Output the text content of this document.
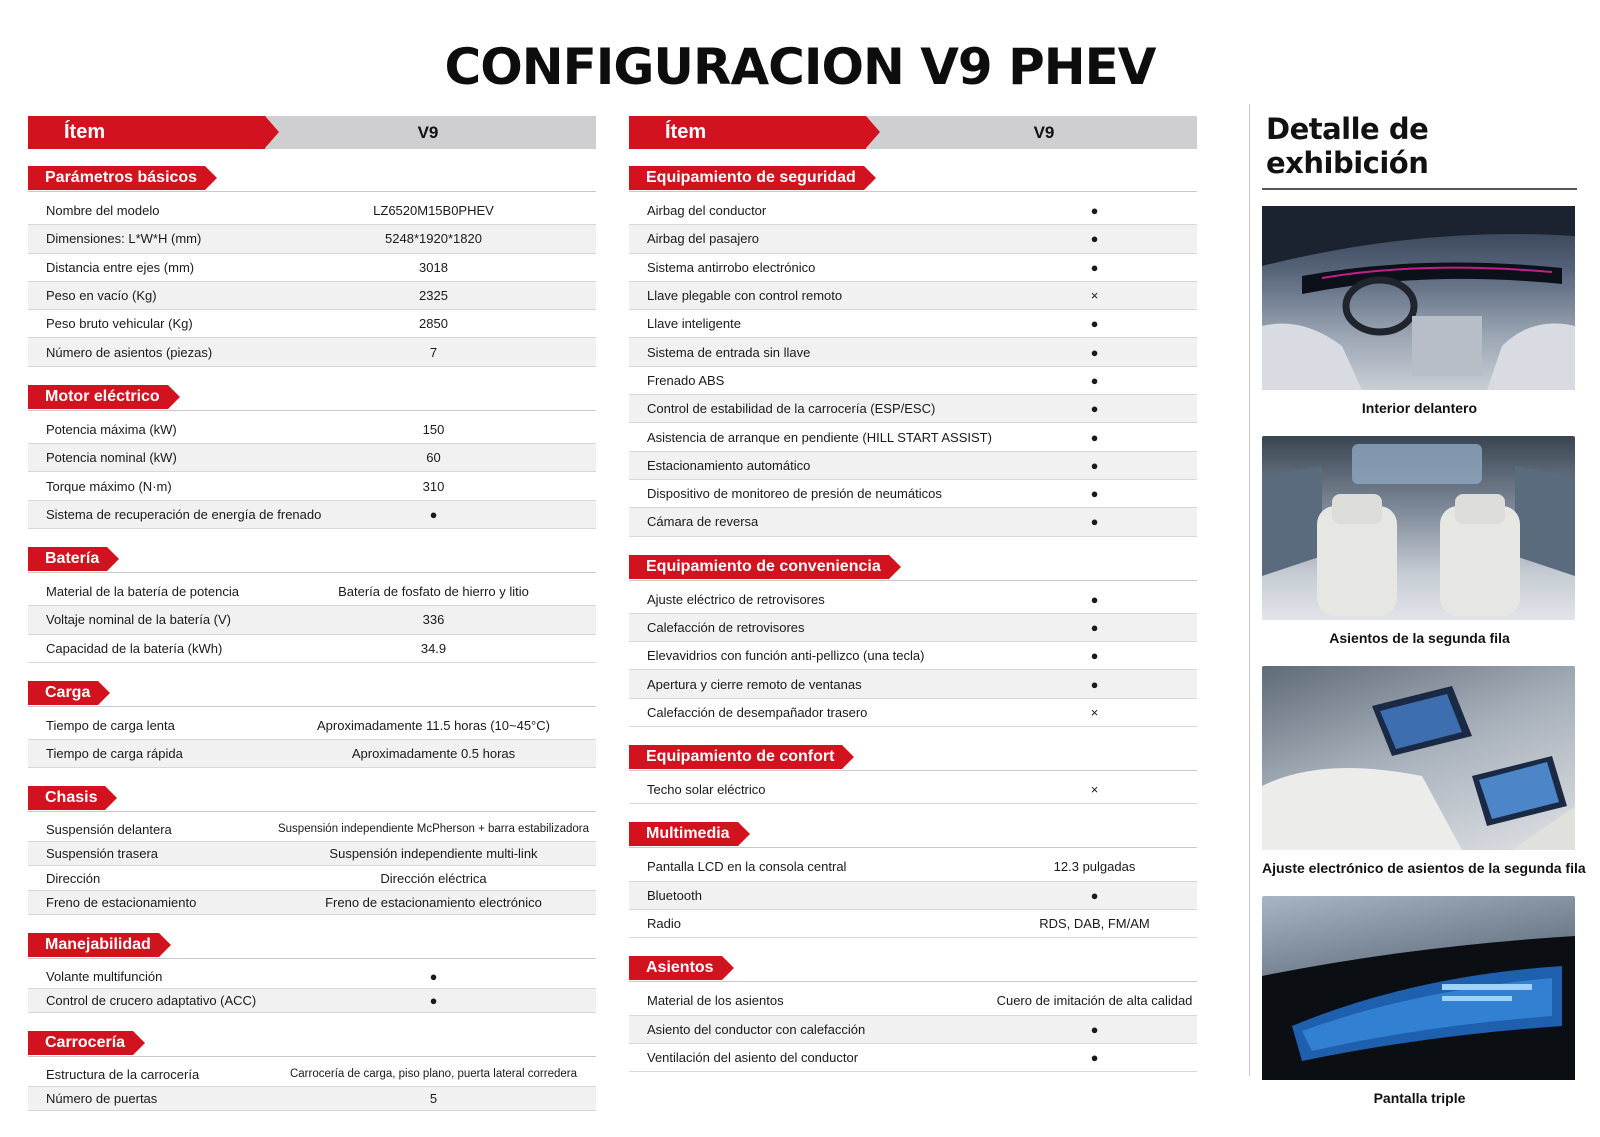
CONFIGURACION V9 PHEV
Ítem	V9
Parámetros básicos
Nombre del modelo	LZ6520M15B0PHEV
Dimensiones: L*W*H (mm)	5248*1920*1820
Distancia entre ejes (mm)	3018
Peso en vacío (Kg)	2325
Peso bruto vehicular (Kg)	2850
Número de asientos (piezas)	7
Motor eléctrico
Potencia máxima (kW)	150
Potencia nominal (kW)	60
Torque máximo (N·m)	310
Sistema de recuperación de energía de frenado	●
Batería
Material de la batería de potencia	Batería de fosfato de hierro y litio
Voltaje nominal de la batería (V)	336
Capacidad de la batería (kWh)	34.9
Carga
Tiempo de carga lenta	Aproximadamente 11.5 horas (10~45°C)
Tiempo de carga rápida	Aproximadamente 0.5 horas
Chasis
Suspensión delantera	Suspensión independiente McPherson + barra estabilizadora
Suspensión trasera	Suspensión independiente multi-link
Dirección	Dirección eléctrica
Freno de estacionamiento	Freno de estacionamiento electrónico
Manejabilidad
Volante multifunción	●
Control de crucero adaptativo (ACC)	●
Carrocería
Estructura de la carrocería	Carrocería de carga, piso plano, puerta lateral corredera
Número de puertas	5
Ítem	V9
Equipamiento de seguridad
Airbag del conductor	●
Airbag del pasajero	●
Sistema antirrobo electrónico	●
Llave plegable con control remoto	×
Llave inteligente	●
Sistema de entrada sin llave	●
Frenado ABS	●
Control de estabilidad de la carrocería (ESP/ESC)	●
Asistencia de arranque en pendiente (HILL START ASSIST)	●
Estacionamiento automático	●
Dispositivo de monitoreo de presión de neumáticos	●
Cámara de reversa	●
Equipamiento de conveniencia
Ajuste eléctrico de retrovisores	●
Calefacción de retrovisores	●
Elevavidrios con función anti-pellizco (una tecla)	●
Apertura y cierre remoto de ventanas	●
Calefacción de desempañador trasero	×
Equipamiento de confort
Techo solar eléctrico	×
Multimedia
Pantalla LCD en la consola central	12.3 pulgadas
Bluetooth	●
Radio	RDS, DAB, FM/AM
Asientos
Material de los asientos	Cuero de imitación de alta calidad
Asiento del conductor con calefacción	●
Ventilación del asiento del conductor	●
Detalle de exhibición
Interior delantero
Asientos de la segunda fila
Ajuste electrónico de asientos de la segunda fila
Pantalla triple
